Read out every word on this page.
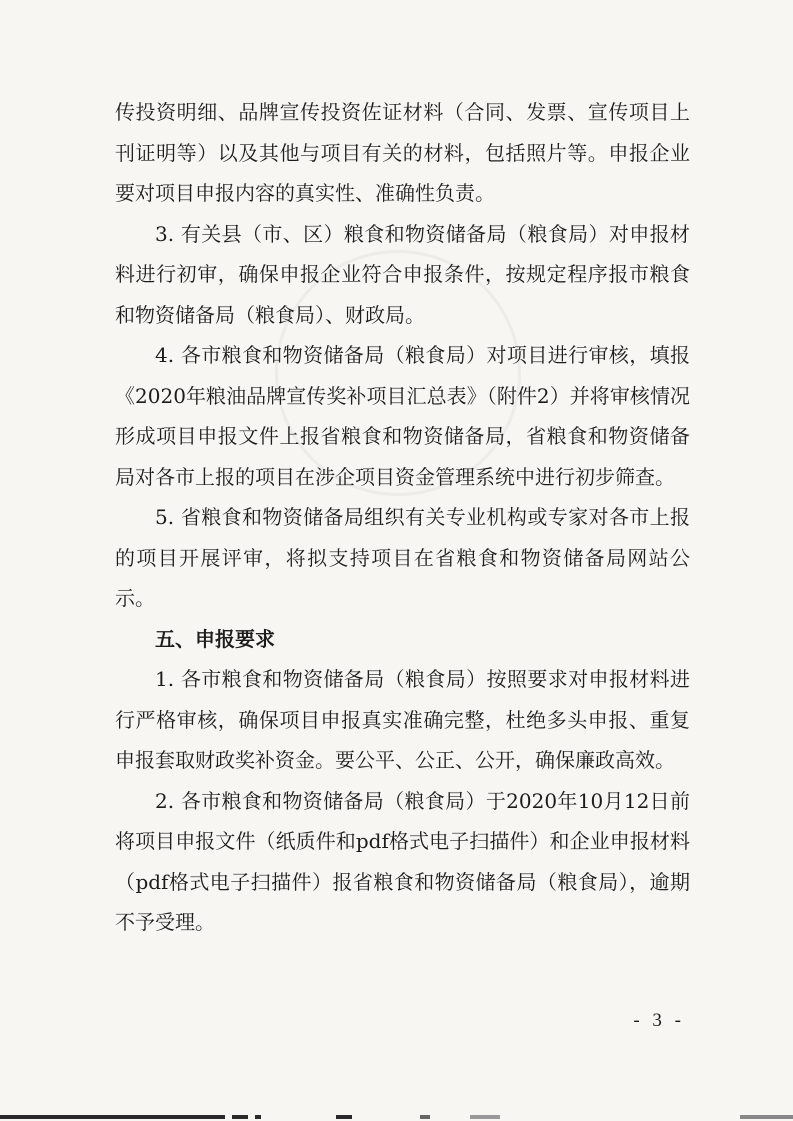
传投资明细、品牌宣传投资佐证材料（合同、发票、宣传项目上刊证明等）以及其他与项目有关的材料，包括照片等。申报企业要对项目申报内容的真实性、准确性负责。

3. 有关县（市、区）粮食和物资储备局（粮食局）对申报材料进行初审，确保申报企业符合申报条件，按规定程序报市粮食和物资储备局（粮食局）、财政局。

4. 各市粮食和物资储备局（粮食局）对项目进行审核，填报《2020年粮油品牌宣传奖补项目汇总表》（附件2）并将审核情况形成项目申报文件上报省粮食和物资储备局，省粮食和物资储备局对各市上报的项目在涉企项目资金管理系统中进行初步筛查。

5. 省粮食和物资储备局组织有关专业机构或专家对各市上报的项目开展评审，将拟支持项目在省粮食和物资储备局网站公示。

五、申报要求

1. 各市粮食和物资储备局（粮食局）按照要求对申报材料进行严格审核，确保项目申报真实准确完整，杜绝多头申报、重复申报套取财政奖补资金。要公平、公正、公开，确保廉政高效。

2. 各市粮食和物资储备局（粮食局）于2020年10月12日前将项目申报文件（纸质件和pdf格式电子扫描件）和企业申报材料（pdf格式电子扫描件）报省粮食和物资储备局（粮食局），逾期不予受理。

- 3 -
